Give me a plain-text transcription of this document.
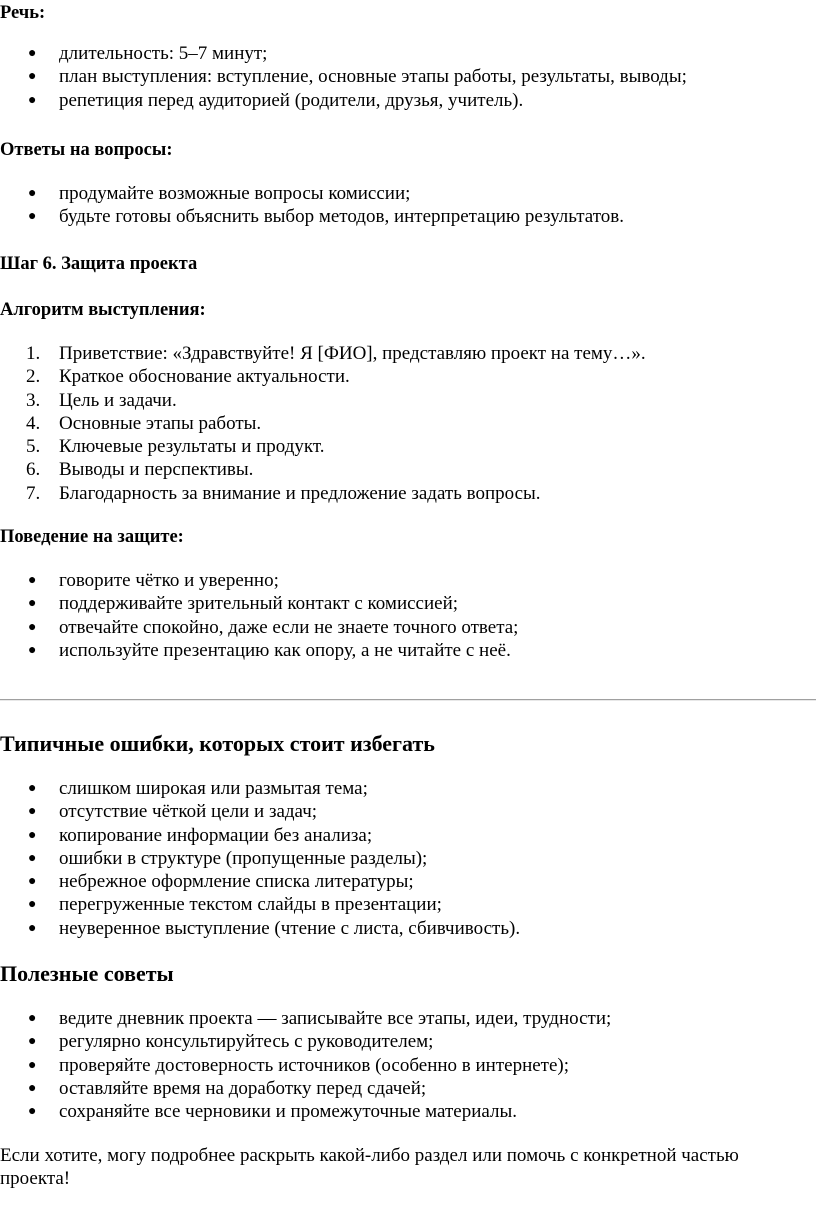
Речь:

● длительность: 5–7 минут;
● план выступления: вступление, основные этапы работы, результаты, выводы;
● репетиция перед аудиторией (родители, друзья, учитель).

Ответы на вопросы:

● продумайте возможные вопросы комиссии;
● будьте готовы объяснить выбор методов, интерпретацию результатов.

Шаг 6. Защита проекта

Алгоритм выступления:

1. Приветствие: «Здравствуйте! Я [ФИО], представляю проект на тему…».
2. Краткое обоснование актуальности.
3. Цель и задачи.
4. Основные этапы работы.
5. Ключевые результаты и продукт.
6. Выводы и перспективы.
7. Благодарность за внимание и предложение задать вопросы.

Поведение на защите:

● говорите чётко и уверенно;
● поддерживайте зрительный контакт с комиссией;
● отвечайте спокойно, даже если не знаете точного ответа;
● используйте презентацию как опору, а не читайте с неё.

Типичные ошибки, которых стоит избегать

● слишком широкая или размытая тема;
● отсутствие чёткой цели и задач;
● копирование информации без анализа;
● ошибки в структуре (пропущенные разделы);
● небрежное оформление списка литературы;
● перегруженные текстом слайды в презентации;
● неуверенное выступление (чтение с листа, сбивчивость).

Полезные советы

● ведите дневник проекта — записывайте все этапы, идеи, трудности;
● регулярно консультируйтесь с руководителем;
● проверяйте достоверность источников (особенно в интернете);
● оставляйте время на доработку перед сдачей;
● сохраняйте все черновики и промежуточные материалы.

Если хотите, могу подробнее раскрыть какой-либо раздел или помочь с конкретной частью проекта!
